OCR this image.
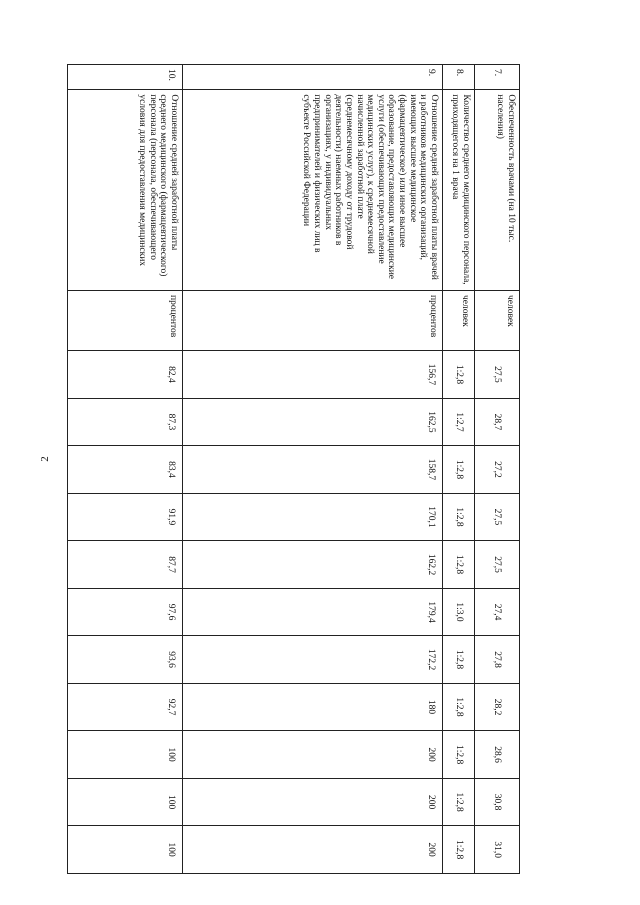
2
7.	Обеспеченность врачами (на 10 тыс. населения)	человек	27,5	28,7	27,2	27,5	27,5	27,4	27,8	28,2	28,6	30,8	31,0
8.	Количество среднего медицинского персонала, приходящегося на 1 врача	человек	1:2,8	1:2,7	1:2,8	1:2,8	1:2,8	1:3,0	1:2,8	1:2,8	1:2,8	1:2,8	1:2,8
9.	Отношение средней заработной платы врачей и работников медицинских организаций, имеющих высшее медицинское (фармацевтическое) или иное высшее образование, предоставляющих медицинские услуги (обеспечивающих предоставление медицинских услуг), к среднемесячной начисленной заработной плате (среднемесячному доходу от трудовой деятельности) наемных работников в организациях, у индивидуальных предпринимателей и физических лиц в субъекте Российской Федерации	процентов	156,7	162,5	158,7	170,1	162,2	179,4	172,2	180	200	200	200
10.	Отношение средней заработной платы среднего медицинского (фармацевтического) персонала (персонала, обеспечивающего условия для предоставления медицинских	процентов	82,4	87,3	83,4	91,9	87,7	97,6	93,6	92,7	100	100	100
